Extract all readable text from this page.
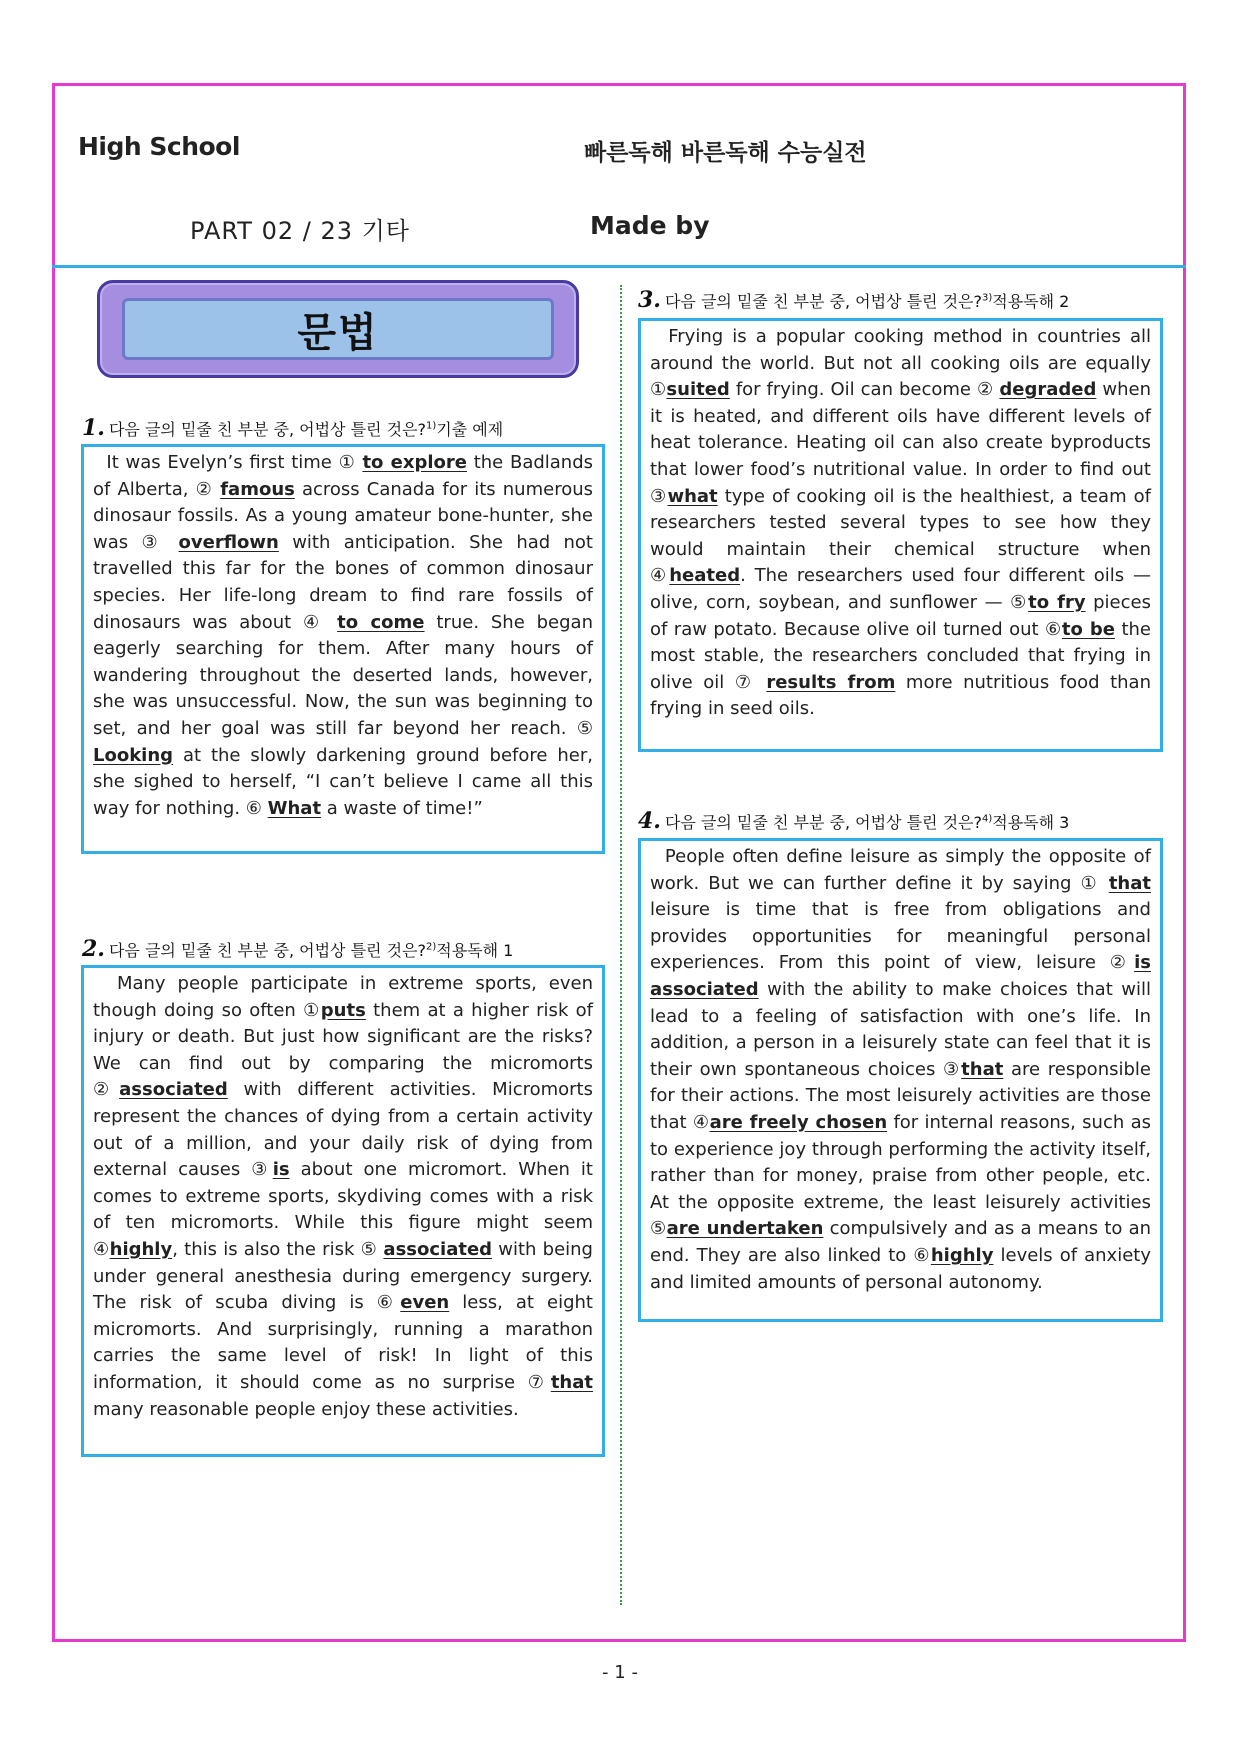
High School	빠른독해 바른독해 수능실전
PART 02 / 23 기타	Made by
문법
1. 다음 글의 밑줄 친 부분 중, 어법상 틀린 것은?$^{1)}$기출 예제
It was Evelyn’s first time ① to explore the Badlands of Alberta, ② famous across Canada for its numerous dinosaur fossils. As a young amateur bone-hunter, she was ③ overflown with anticipation. She had not travelled this far for the bones of common dinosaur species. Her life-long dream to find rare fossils of dinosaurs was about ④ to come true. She began eagerly searching for them. After many hours of wandering throughout the deserted lands, however, she was unsuccessful. Now, the sun was beginning to set, and her goal was still far beyond her reach. ⑤ Looking at the slowly darkening ground before her, she sighed to herself, “I can’t believe I came all this way for nothing. ⑥ What a waste of time!”
2. 다음 글의 밑줄 친 부분 중, 어법상 틀린 것은?$^{2)}$적용독해 1
Many people participate in extreme sports, even though doing so often ①puts them at a higher risk of injury or death. But just how significant are the risks? We can find out by comparing the micromorts ②associated with different activities. Micromorts represent the chances of dying from a certain activity out of a million, and your daily risk of dying from external causes ③is about one micromort. When it comes to extreme sports, skydiving comes with a risk of ten micromorts. While this figure might seem ④highly, this is also the risk ⑤ associated with being under general anesthesia during emergency surgery. The risk of scuba diving is ⑥even less, at eight micromorts. And surprisingly, running a marathon carries the same level of risk! In light of this information, it should come as no surprise ⑦that many reasonable people enjoy these activities.
3. 다음 글의 밑줄 친 부분 중, 어법상 틀린 것은?$^{3)}$적용독해 2
Frying is a popular cooking method in countries all around the world. But not all cooking oils are equally ①suited for frying. Oil can become ② degraded when it is heated, and different oils have different levels of heat tolerance. Heating oil can also create byproducts that lower food’s nutritional value. In order to find out ③what type of cooking oil is the healthiest, a team of researchers tested several types to see how they would maintain their chemical structure when ④heated. The researchers used four different oils — olive, corn, soybean, and sunflower — ⑤to fry pieces of raw potato. Because olive oil turned out ⑥to be the most stable, the researchers concluded that frying in olive oil ⑦ results from more nutritious food than frying in seed oils.
4. 다음 글의 밑줄 친 부분 중, 어법상 틀린 것은?$^{4)}$적용독해 3
People often define leisure as simply the opposite of work. But we can further define it by saying ① that leisure is time that is free from obligations and provides opportunities for meaningful personal experiences. From this point of view, leisure ②is associated with the ability to make choices that will lead to a feeling of satisfaction with one’s life. In addition, a person in a leisurely state can feel that it is their own spontaneous choices ③that are responsible for their actions. The most leisurely activities are those that ④are freely chosen for internal reasons, such as to experience joy through performing the activity itself, rather than for money, praise from other people, etc. At the opposite extreme, the least leisurely activities ⑤are undertaken compulsively and as a means to an end. They are also linked to ⑥highly levels of anxiety and limited amounts of personal autonomy.
- 1 -
